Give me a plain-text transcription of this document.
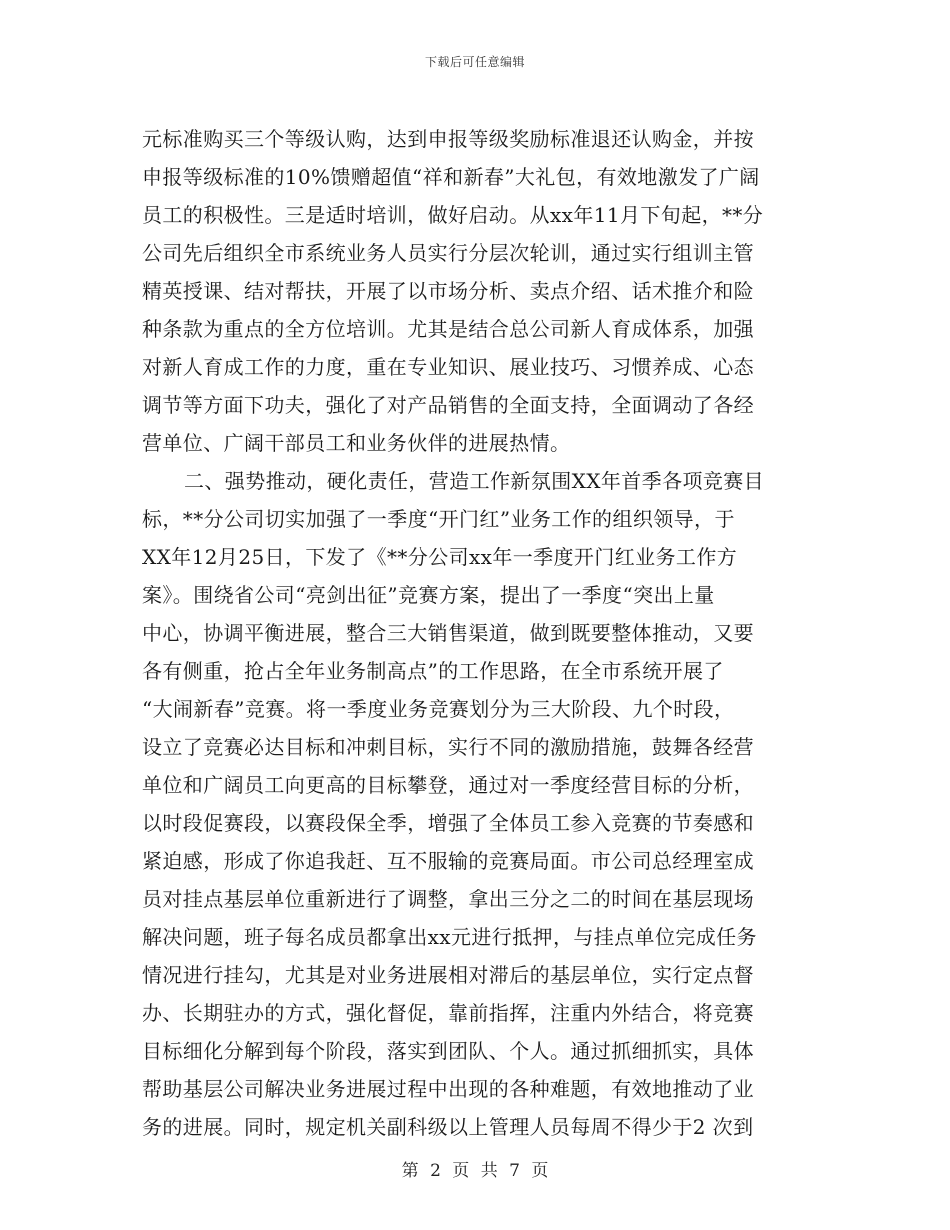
下载后可任意编辑
元标准购买三个等级认购，达到申报等级奖励标准退还认购金，并按
申报等级标准的10%馈赠超值“祥和新春”大礼包，有效地激发了广阔
员工的积极性。三是适时培训，做好启动。从xx年11月下旬起，**分
公司先后组织全市系统业务人员实行分层次轮训，通过实行组训主管
精英授课、结对帮扶，开展了以市场分析、卖点介绍、话术推介和险
种条款为重点的全方位培训。尤其是结合总公司新人育成体系，加强
对新人育成工作的力度，重在专业知识、展业技巧、习惯养成、心态
调节等方面下功夫，强化了对产品销售的全面支持，全面调动了各经
营单位、广阔干部员工和业务伙伴的进展热情。
二、强势推动，硬化责任，营造工作新氛围XX年首季各项竞赛目
标，**分公司切实加强了一季度“开门红”业务工作的组织领导，于
XX年12月25日，下发了《**分公司xx年一季度开门红业务工作方
案》。围绕省公司“亮剑出征”竞赛方案，提出了一季度“突出上量
中心，协调平衡进展，整合三大销售渠道，做到既要整体推动，又要
各有侧重，抢占全年业务制高点”的工作思路，在全市系统开展了
“大闹新春”竞赛。将一季度业务竞赛划分为三大阶段、九个时段，
设立了竞赛必达目标和冲刺目标，实行不同的激励措施，鼓舞各经营
单位和广阔员工向更高的目标攀登，通过对一季度经营目标的分析，
以时段促赛段，以赛段保全季，增强了全体员工参入竞赛的节奏感和
紧迫感，形成了你追我赶、互不服输的竞赛局面。市公司总经理室成
员对挂点基层单位重新进行了调整，拿出三分之二的时间在基层现场
解决问题，班子每名成员都拿出xx元进行抵押，与挂点单位完成任务
情况进行挂勾，尤其是对业务进展相对滞后的基层单位，实行定点督
办、长期驻办的方式，强化督促，靠前指挥，注重内外结合，将竞赛
目标细化分解到每个阶段，落实到团队、个人。通过抓细抓实，具体
帮助基层公司解决业务进展过程中出现的各种难题，有效地推动了业
务的进展。同时，规定机关副科级以上管理人员每周不得少于2 次到
第 2 页 共 7 页
